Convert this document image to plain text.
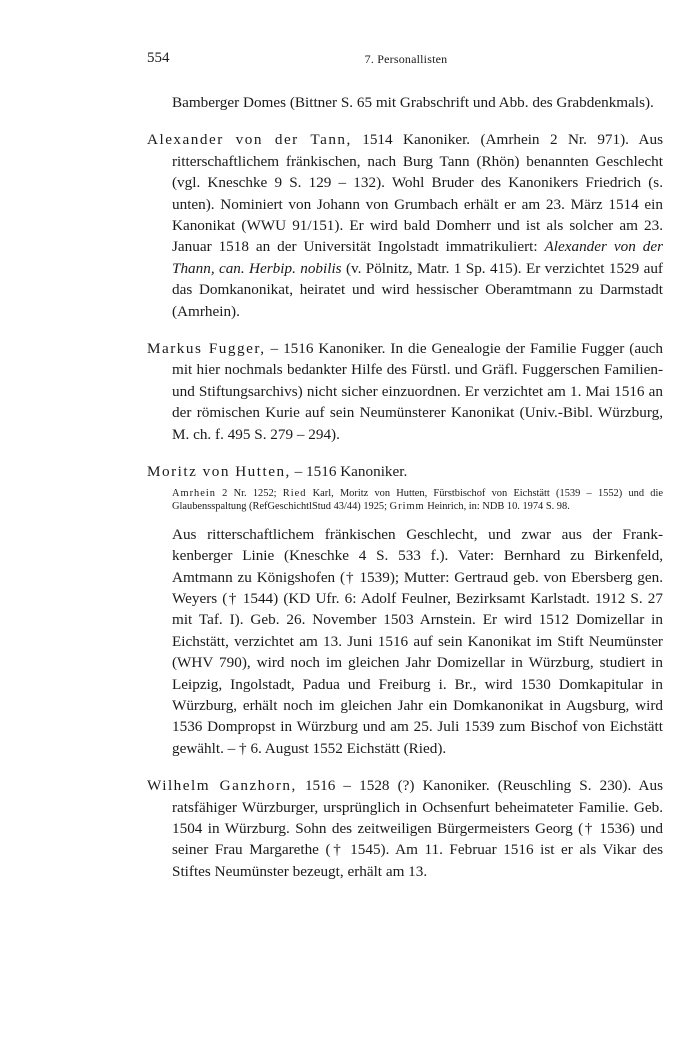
554	7. Personallisten

Bamberger Domes (Bittner S. 65 mit Grabschrift und Abb. des Grabdenkmals).

Alexander von der Tann, 1514 Kanoniker. (Amrhein 2 Nr. 971). Aus ritterschaftlichem fränkischen, nach Burg Tann (Rhön) benannten Geschlecht (vgl. Kneschke 9 S. 129 – 132). Wohl Bruder des Kanonikers Friedrich (s. unten). Nominiert von Johann von Grumbach erhält er am 23. März 1514 ein Kanonikat (WWU 91/151). Er wird bald Domherr und ist als solcher am 23. Januar 1518 an der Universität Ingolstadt immatrikuliert: Alexander von der Thann, can. Herbip. nobilis (v. Pölnitz, Matr. 1 Sp. 415). Er verzichtet 1529 auf das Domkanonikat, heiratet und wird hessischer Oberamtmann zu Darmstadt (Amrhein).

Markus Fugger, – 1516 Kanoniker. In die Genealogie der Familie Fugger (auch mit hier nochmals bedankter Hilfe des Fürstl. und Gräfl. Fuggerschen Familien- und Stiftungsarchivs) nicht sicher einzuordnen. Er verzichtet am 1. Mai 1516 an der römischen Kurie auf sein Neumünsterer Kanonikat (Univ.-Bibl. Würzburg, M. ch. f. 495 S. 279 – 294).

Moritz von Hutten, – 1516 Kanoniker.

Amrhein 2 Nr. 1252; Ried Karl, Moritz von Hutten, Fürstbischof von Eichstätt (1539 – 1552) und die Glaubensspaltung (RefGeschichtlStud 43/44) 1925; Grimm Heinrich, in: NDB 10. 1974 S. 98.

Aus ritterschaftlichem fränkischen Geschlecht, und zwar aus der Frankkenberger Linie (Kneschke 4 S. 533 f.). Vater: Bernhard zu Birkenfeld, Amtmann zu Königshofen († 1539); Mutter: Gertraud geb. von Ebersberg gen. Weyers († 1544) (KD Ufr. 6: Adolf Feulner, Bezirksamt Karlstadt. 1912 S. 27 mit Taf. I). Geb. 26. November 1503 Arnstein. Er wird 1512 Domizellar in Eichstätt, verzichtet am 13. Juni 1516 auf sein Kanonikat im Stift Neumünster (WHV 790), wird noch im gleichen Jahr Domizellar in Würzburg, studiert in Leipzig, Ingolstadt, Padua und Freiburg i. Br., wird 1530 Domkapitular in Würzburg, erhält noch im gleichen Jahr ein Domkanonikat in Augsburg, wird 1536 Dompropst in Würzburg und am 25. Juli 1539 zum Bischof von Eichstätt gewählt. – † 6. August 1552 Eichstätt (Ried).

Wilhelm Ganzhorn, 1516 – 1528 (?) Kanoniker. (Reuschling S. 230). Aus ratsfähiger Würzburger, ursprünglich in Ochsenfurt beheimateter Familie. Geb. 1504 in Würzburg. Sohn des zeitweiligen Bürgermeisters Georg († 1536) und seiner Frau Margarethe († 1545). Am 11. Februar 1516 ist er als Vikar des Stiftes Neumünster bezeugt, erhält am 13.
